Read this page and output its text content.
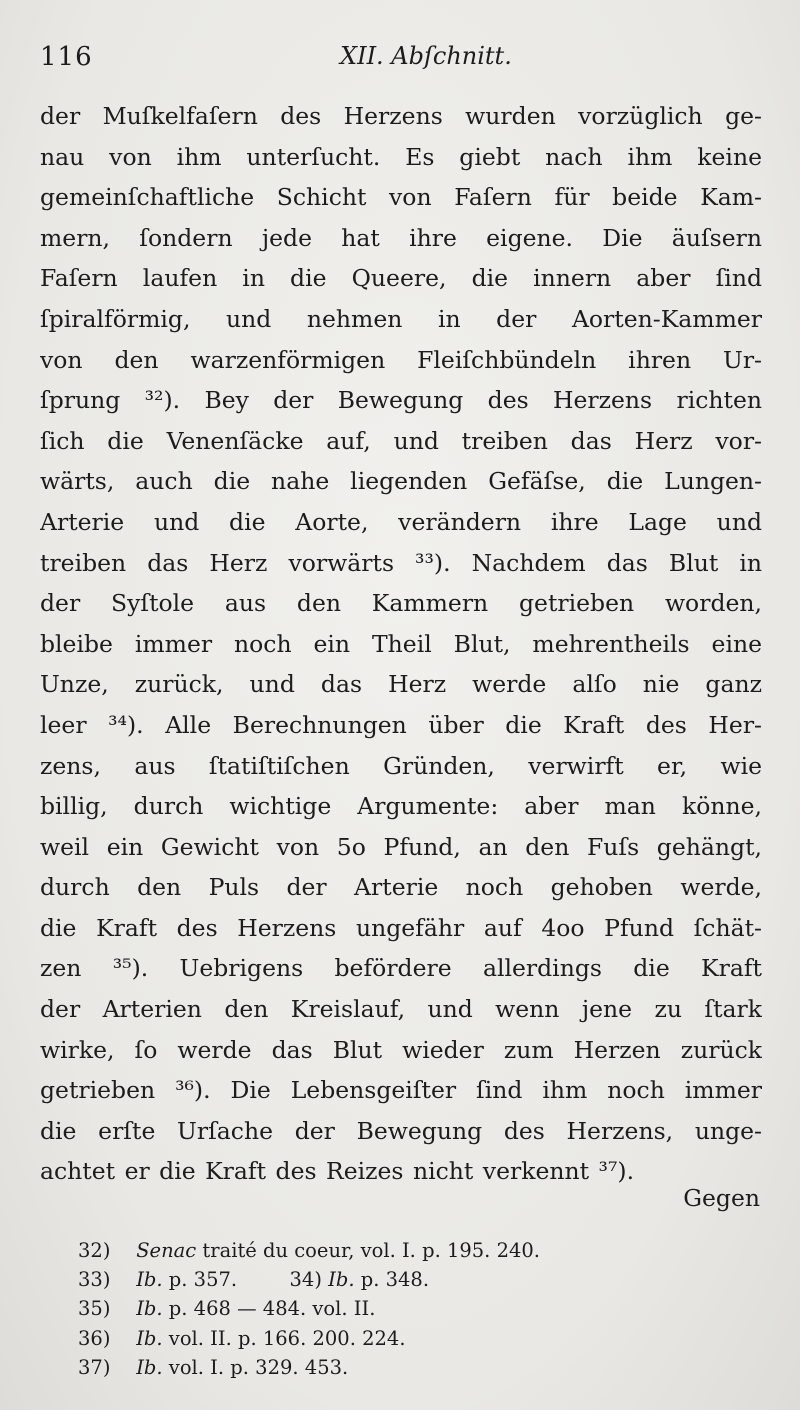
116	XII. Abſchnitt.
der Muſkelfaſern des Herzens wurden vorzüglich ge-
nau von ihm unterſucht. Es giebt nach ihm keine
gemeinſchaftliche Schicht von Faſern für beide Kam-
mern, ſondern jede hat ihre eigene. Die äuſsern
Faſern laufen in die Queere, die innern aber ſind
ſpiralförmig, und nehmen in der Aorten-Kammer
von den warzenförmigen Fleiſchbündeln ihren Ur-
ſprung ³²). Bey der Bewegung des Herzens richten
ſich die Venenſäcke auf, und treiben das Herz vor-
wärts, auch die nahe liegenden Gefäſse, die Lungen-
Arterie und die Aorte, verändern ihre Lage und
treiben das Herz vorwärts ³³). Nachdem das Blut in
der Syſtole aus den Kammern getrieben worden,
bleibe immer noch ein Theil Blut, mehrentheils eine
Unze, zurück, und das Herz werde alſo nie ganz
leer ³⁴). Alle Berechnungen über die Kraft des Her-
zens, aus ſtatiſtiſchen Gründen, verwirft er, wie
billig, durch wichtige Argumente: aber man könne,
weil ein Gewicht von 5o Pfund, an den Fuſs gehängt,
durch den Puls der Arterie noch gehoben werde,
die Kraft des Herzens ungefähr auf 4oo Pfund ſchät-
zen ³⁵). Uebrigens befördere allerdings die Kraft
der Arterien den Kreislauf, und wenn jene zu ſtark
wirke, ſo werde das Blut wieder zum Herzen zurück
getrieben ³⁶). Die Lebensgeiſter ſind ihm noch immer
die erſte Urſache der Bewegung des Herzens, unge-
achtet er die Kraft des Reizes nicht verkennt ³⁷).
Gegen
32) Senac traité du coeur, vol. I. p. 195. 240.
33) Ib. p. 357.	34) Ib. p. 348.
35) Ib. p. 468 — 484. vol. II.
36) Ib. vol. II. p. 166. 200. 224.
37) Ib. vol. I. p. 329. 453.
